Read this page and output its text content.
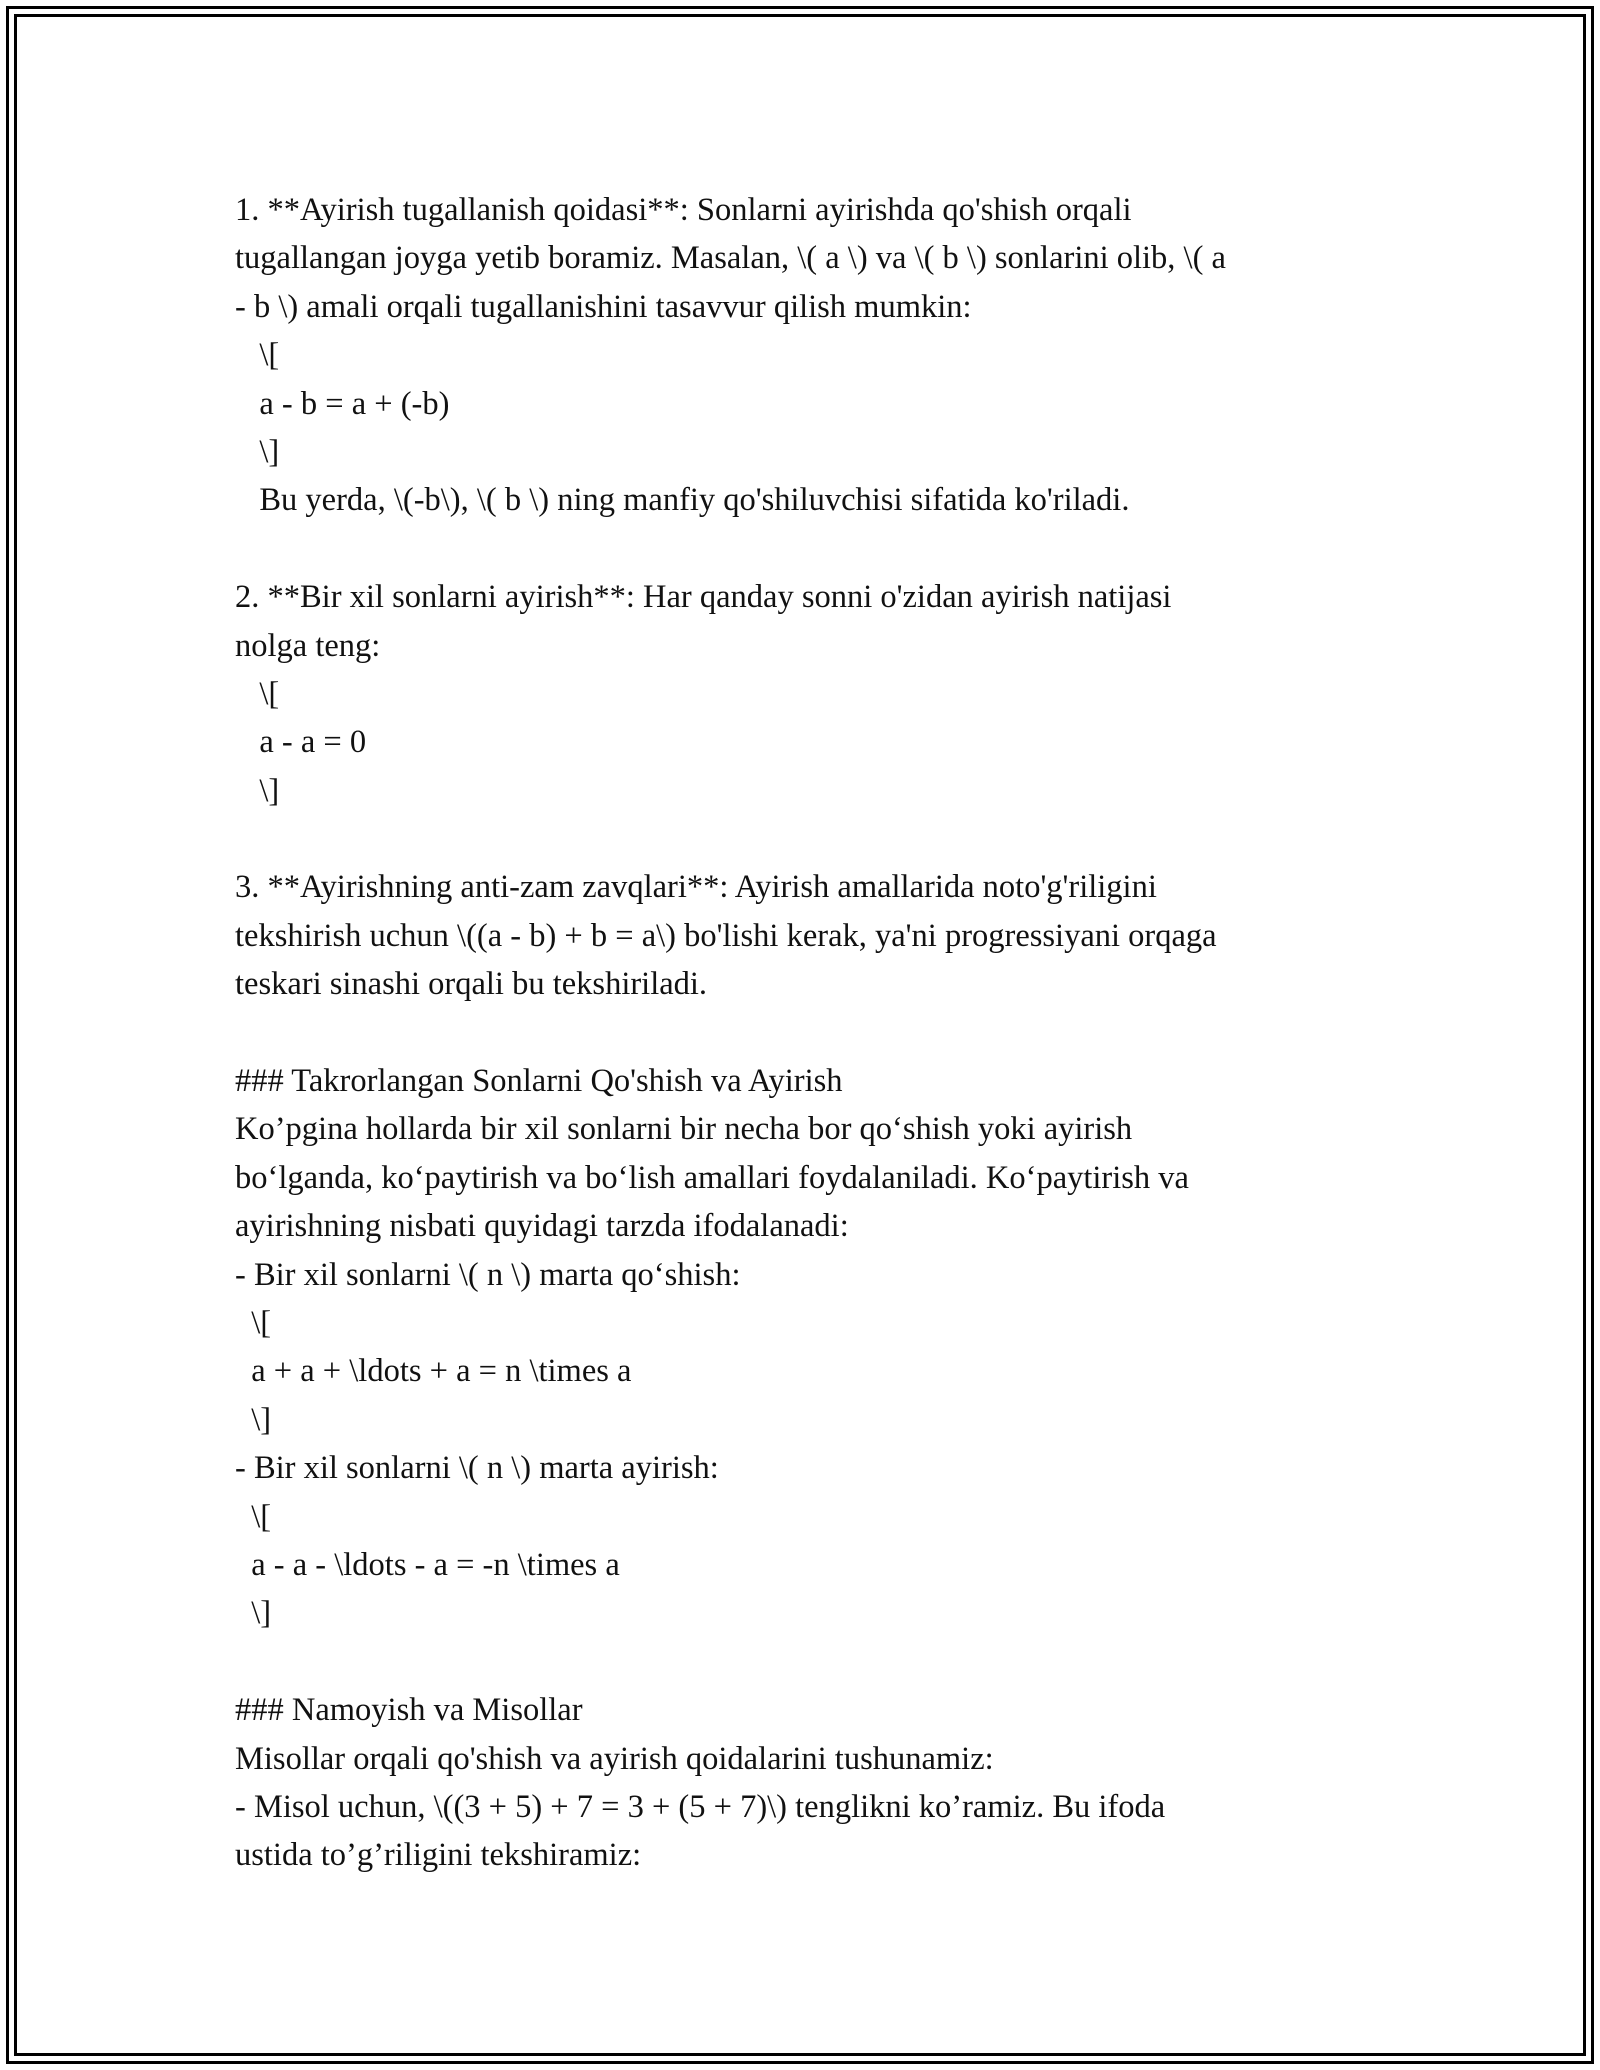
1. **Ayirish tugallanish qoidasi**: Sonlarni ayirishda qo'shish orqali
tugallangan joyga yetib boramiz. Masalan, \( a \) va \( b \) sonlarini olib, \( a
- b \) amali orqali tugallanishini tasavvur qilish mumkin:
\[
a - b = a + (-b)
\]
Bu yerda, \(-b\), \( b \) ning manfiy qo'shiluvchisi sifatida ko'riladi.
2. **Bir xil sonlarni ayirish**: Har qanday sonni o'zidan ayirish natijasi
nolga teng:
\[
a - a = 0
\]
3. **Ayirishning anti-zam zavqlari**: Ayirish amallarida noto'g'riligini
tekshirish uchun \((a - b) + b = a\) bo'lishi kerak, ya'ni progressiyani orqaga
teskari sinashi orqali bu tekshiriladi.
### Takrorlangan Sonlarni Qo'shish va Ayirish
Ko’pgina hollarda bir xil sonlarni bir necha bor qo‘shish yoki ayirish
bo‘lganda, ko‘paytirish va bo‘lish amallari foydalaniladi. Ko‘paytirish va
ayirishning nisbati quyidagi tarzda ifodalanadi:
- Bir xil sonlarni \( n \) marta qo‘shish:
\[
a + a + \ldots + a = n \times a
\]
- Bir xil sonlarni \( n \) marta ayirish:
\[
a - a - \ldots - a = -n \times a
\]
### Namoyish va Misollar
Misollar orqali qo'shish va ayirish qoidalarini tushunamiz:
- Misol uchun, \((3 + 5) + 7 = 3 + (5 + 7)\) tenglikni ko’ramiz. Bu ifoda
ustida to’g’riligini tekshiramiz:
